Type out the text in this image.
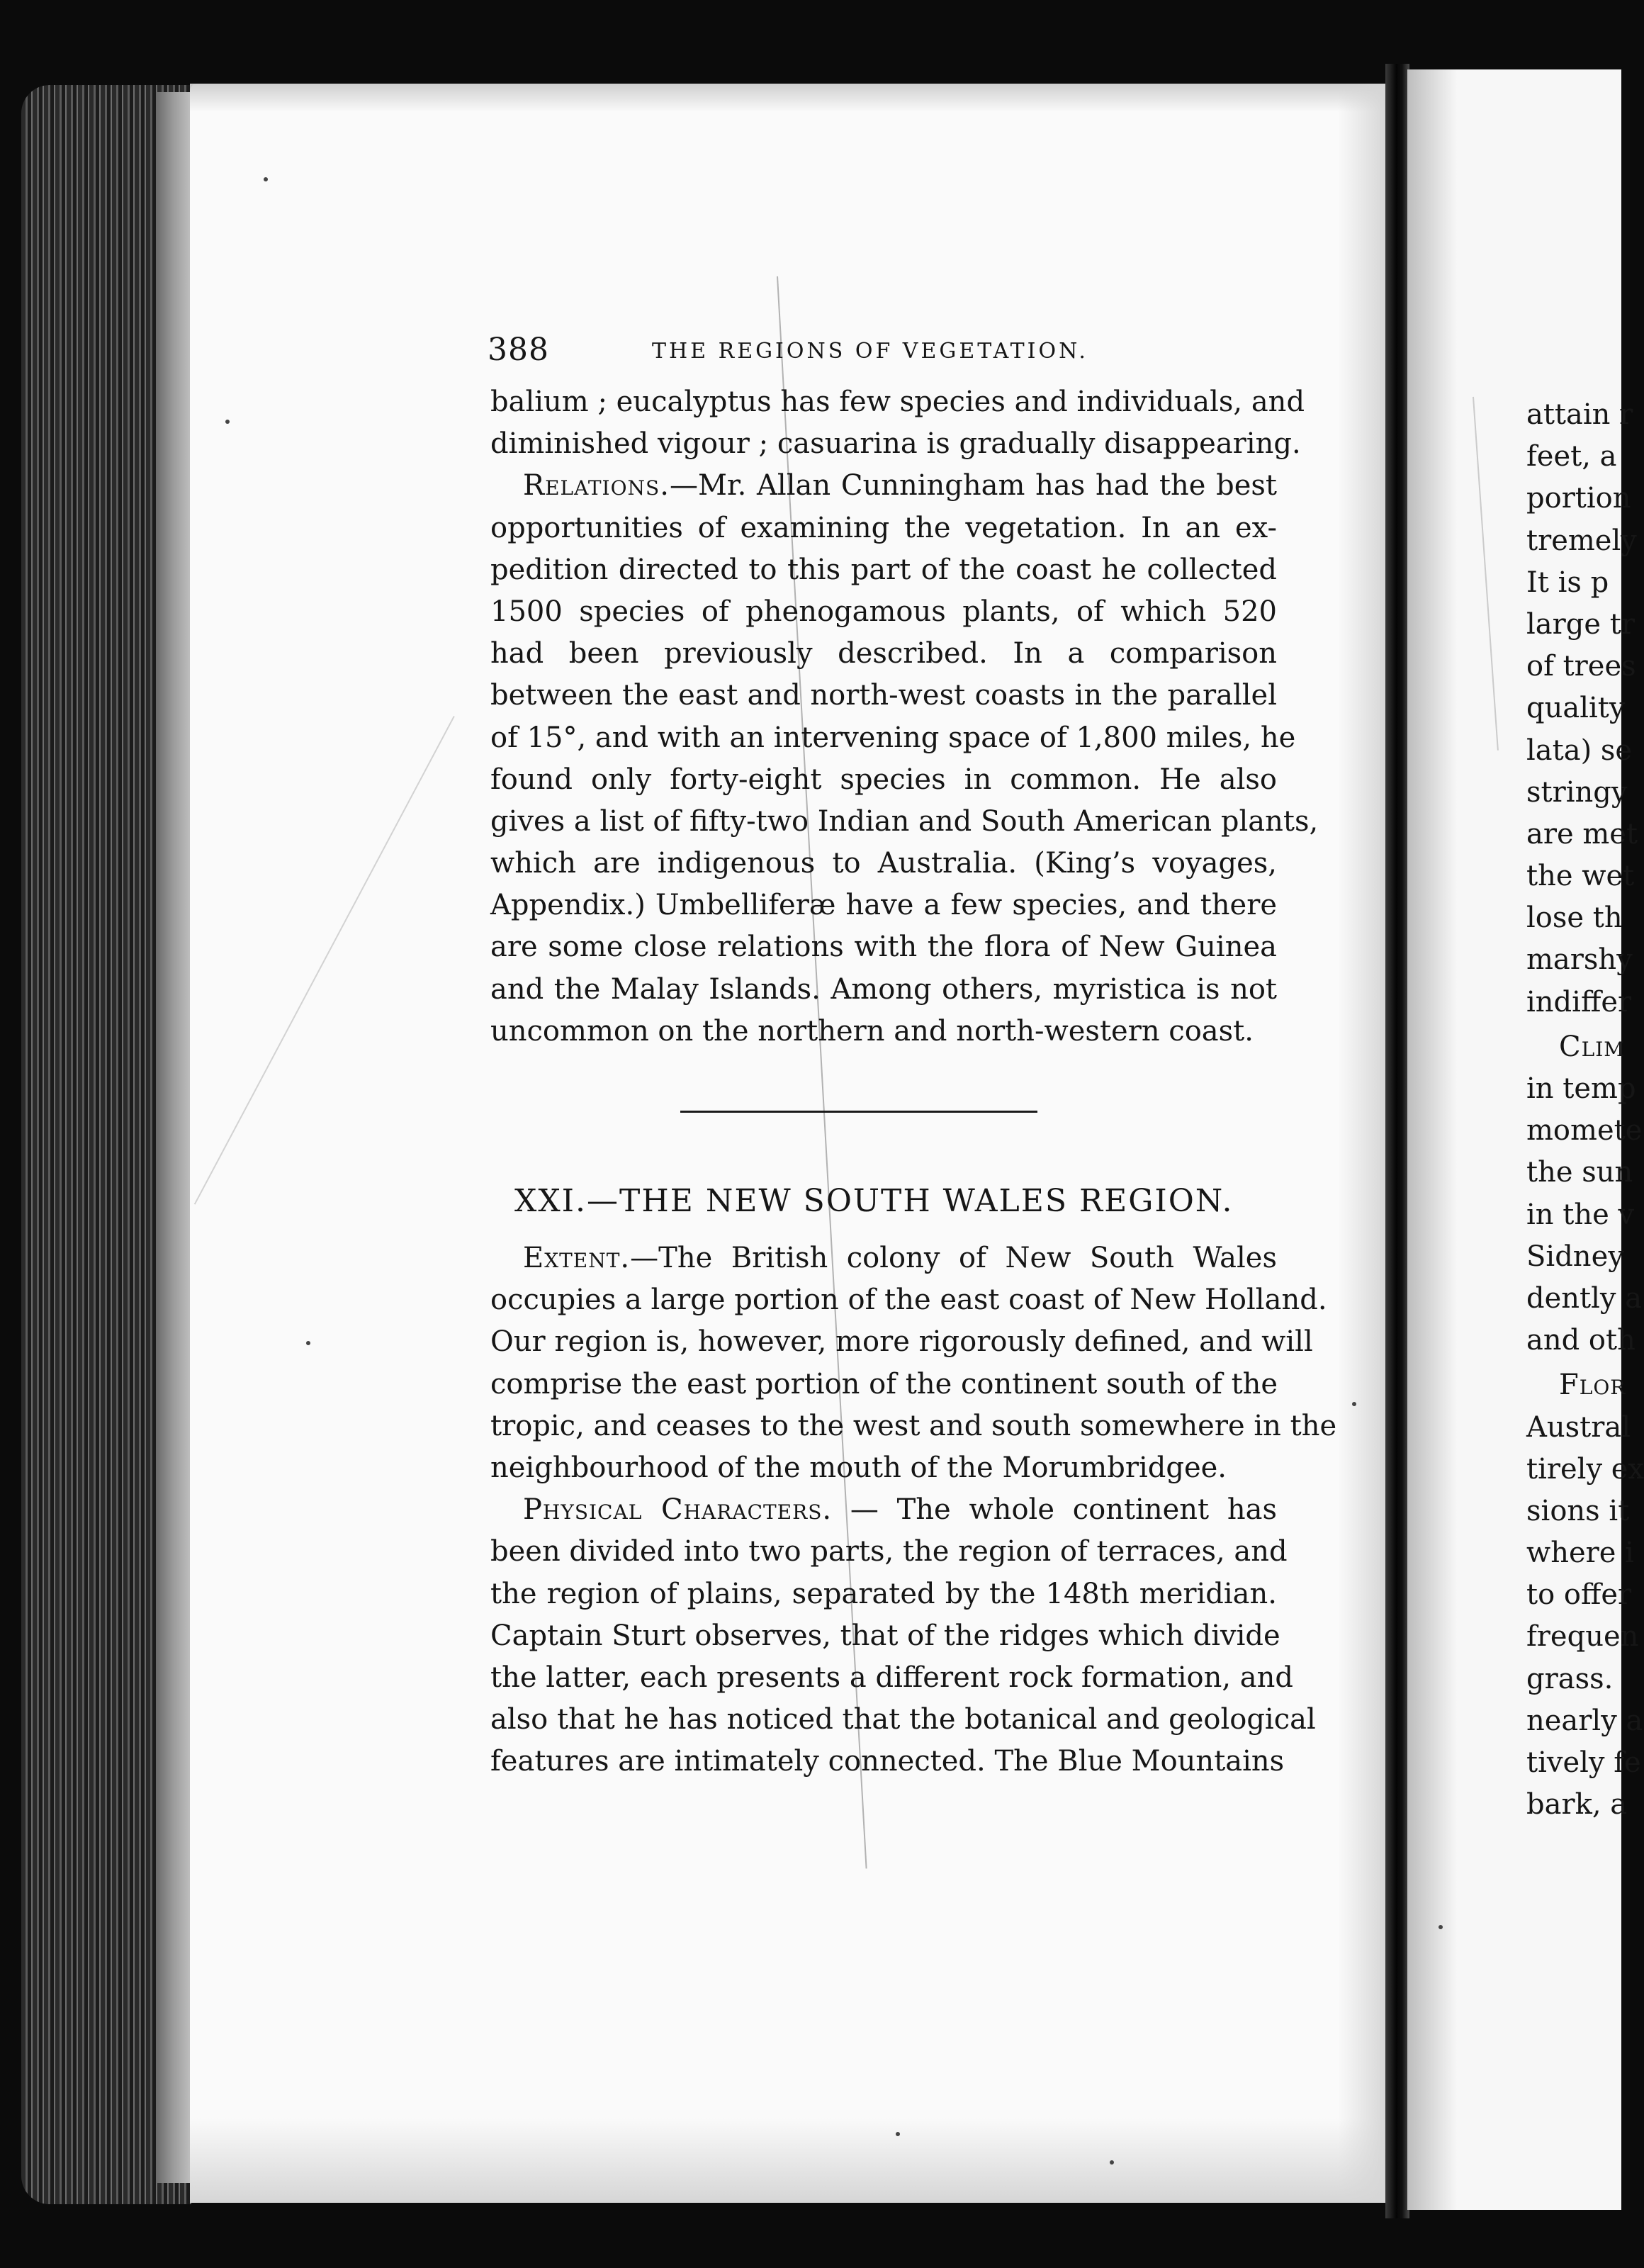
388	THE REGIONS OF VEGETATION.
balium ; eucalyptus has few species and individuals, and
diminished vigour ; casuarina is gradually disappearing.
Relations.—Mr. Allan Cunningham has had the best
opportunities of examining the vegetation. In an ex-
pedition directed to this part of the coast he collected
1500 species of phenogamous plants, of which 520
had been previously described. In a comparison
between the east and north-west coasts in the parallel
of 15°, and with an intervening space of 1,800 miles, he
found only forty-eight species in common. He also
gives a list of fifty-two Indian and South American plants,
which are indigenous to Australia. (King’s voyages,
Appendix.) Umbelliferæ have a few species, and there
are some close relations with the flora of New Guinea
and the Malay Islands. Among others, myristica is not
uncommon on the northern and north-western coast.
XXI.—THE NEW SOUTH WALES REGION.
Extent.—The British colony of New South Wales
occupies a large portion of the east coast of New Holland.
Our region is, however, more rigorously defined, and will
comprise the east portion of the continent south of the
tropic, and ceases to the west and south somewhere in the
neighbourhood of the mouth of the Morumbridgee.
Physical Characters. — The whole continent has
been divided into two parts, the region of terraces, and
the region of plains, separated by the 148th meridian.
Captain Sturt observes, that of the ridges which divide
the latter, each presents a different rock formation, and
also that he has noticed that the botanical and geological
features are intimately connected. The Blue Mountains
attain r
feet, a
portion
tremely
It is p
large tr
of trees
quality
lata) se
stringy
are met
the wet
lose th
marshy
indiffer
Clim
in temp
momete
the sun
in the v
Sidney
dently a
and oth
Flor
Austral
tirely ex
sions it
where i
to offer
frequen
grass.
nearly a
tively fe
bark, a
